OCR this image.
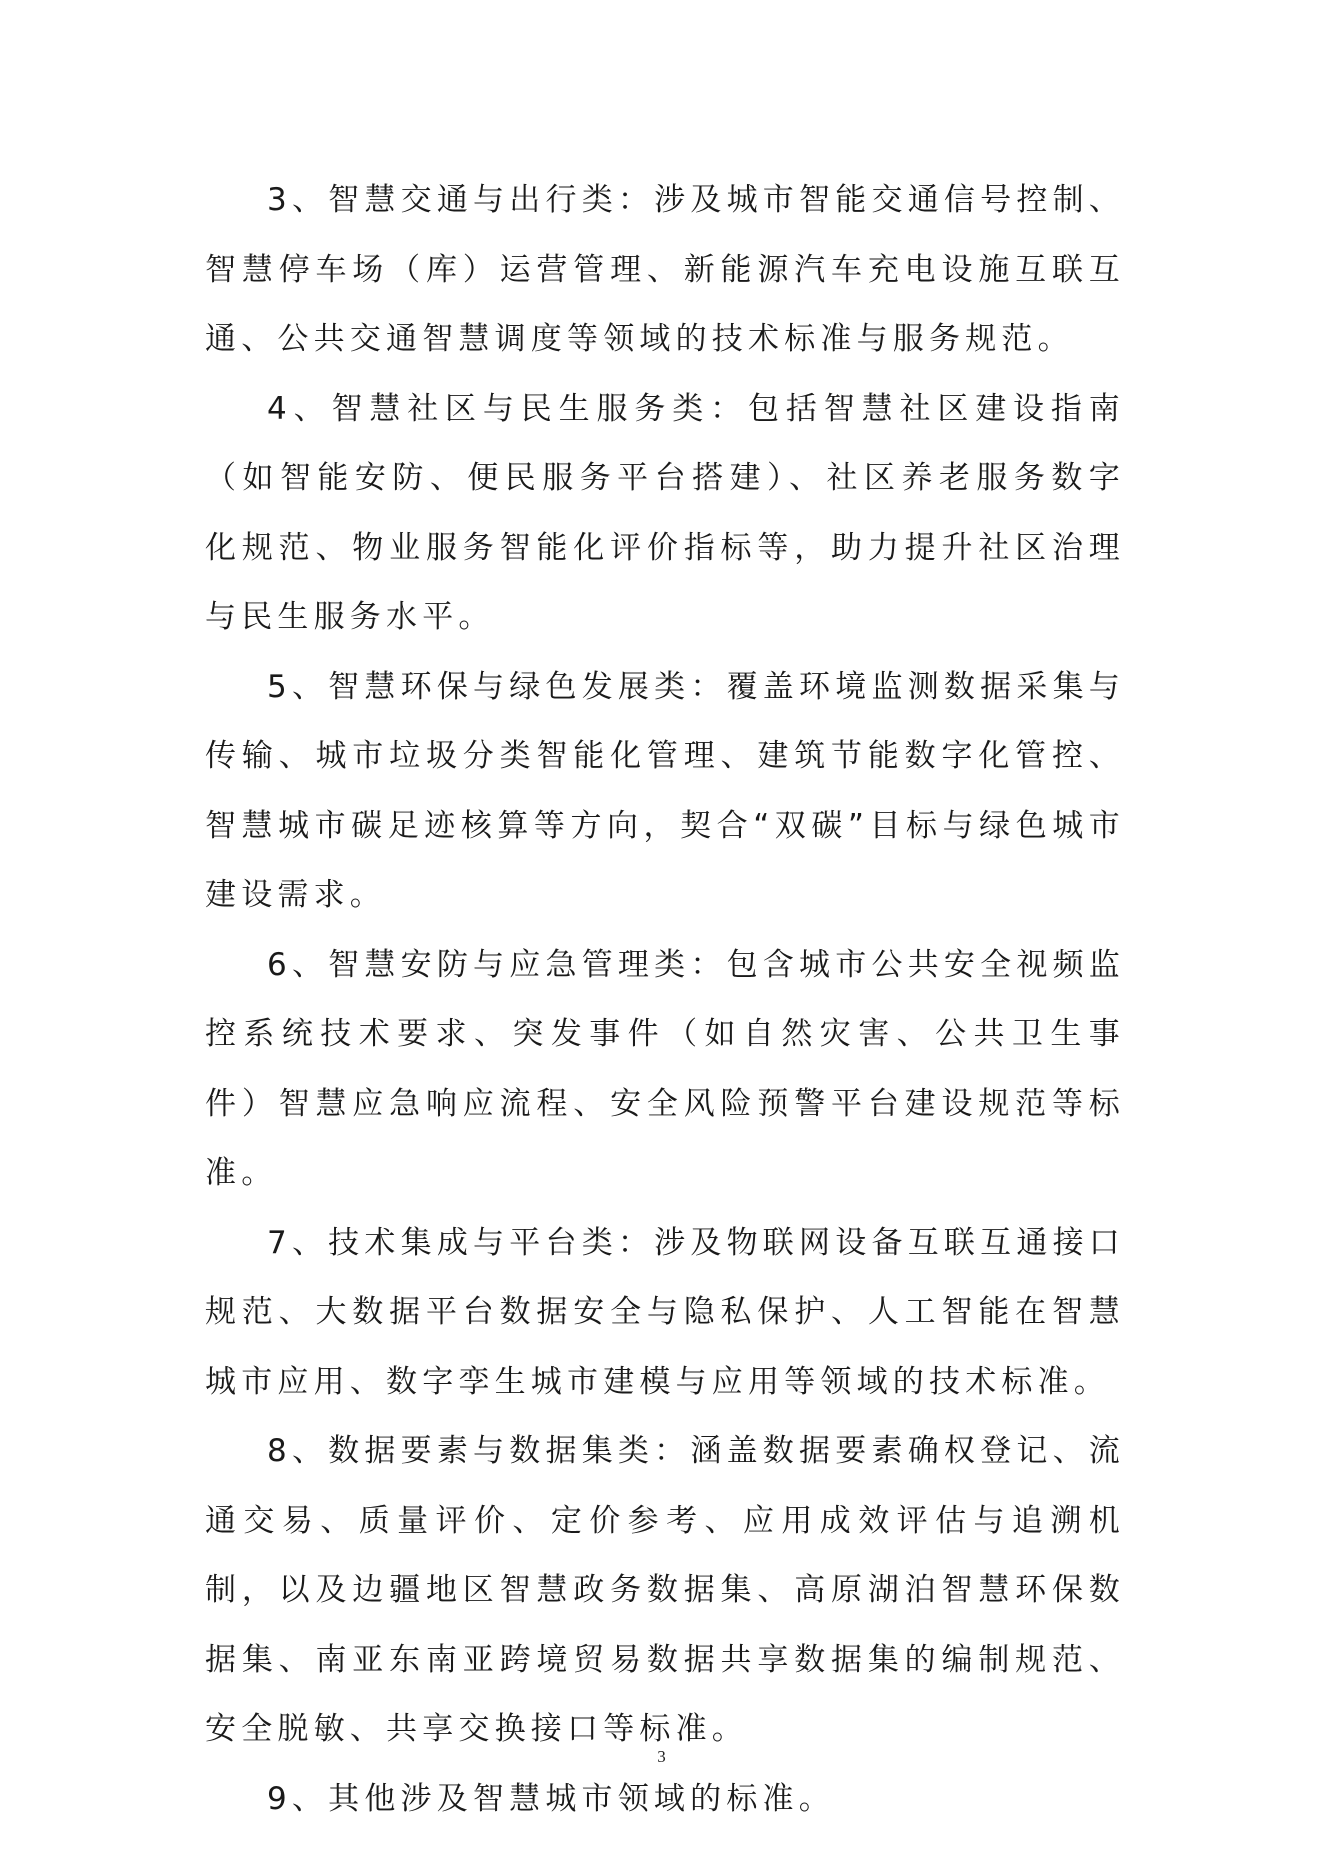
3、智慧交通与出行类：涉及城市智能交通信号控制、智慧停车场（库）运营管理、新能源汽车充电设施互联互通、公共交通智慧调度等领域的技术标准与服务规范。

4、智慧社区与民生服务类：包括智慧社区建设指南（如智能安防、便民服务平台搭建）、社区养老服务数字化规范、物业服务智能化评价指标等，助力提升社区治理与民生服务水平。

5、智慧环保与绿色发展类：覆盖环境监测数据采集与传输、城市垃圾分类智能化管理、建筑节能数字化管控、智慧城市碳足迹核算等方向，契合“双碳”目标与绿色城市建设需求。

6、智慧安防与应急管理类：包含城市公共安全视频监控系统技术要求、突发事件（如自然灾害、公共卫生事件）智慧应急响应流程、安全风险预警平台建设规范等标准。

7、技术集成与平台类：涉及物联网设备互联互通接口规范、大数据平台数据安全与隐私保护、人工智能在智慧城市应用、数字孪生城市建模与应用等领域的技术标准。

8、数据要素与数据集类：涵盖数据要素确权登记、流通交易、质量评价、定价参考、应用成效评估与追溯机制，以及边疆地区智慧政务数据集、高原湖泊智慧环保数据集、南亚东南亚跨境贸易数据共享数据集的编制规范、安全脱敏、共享交换接口等标准。

9、其他涉及智慧城市领域的标准。

3
